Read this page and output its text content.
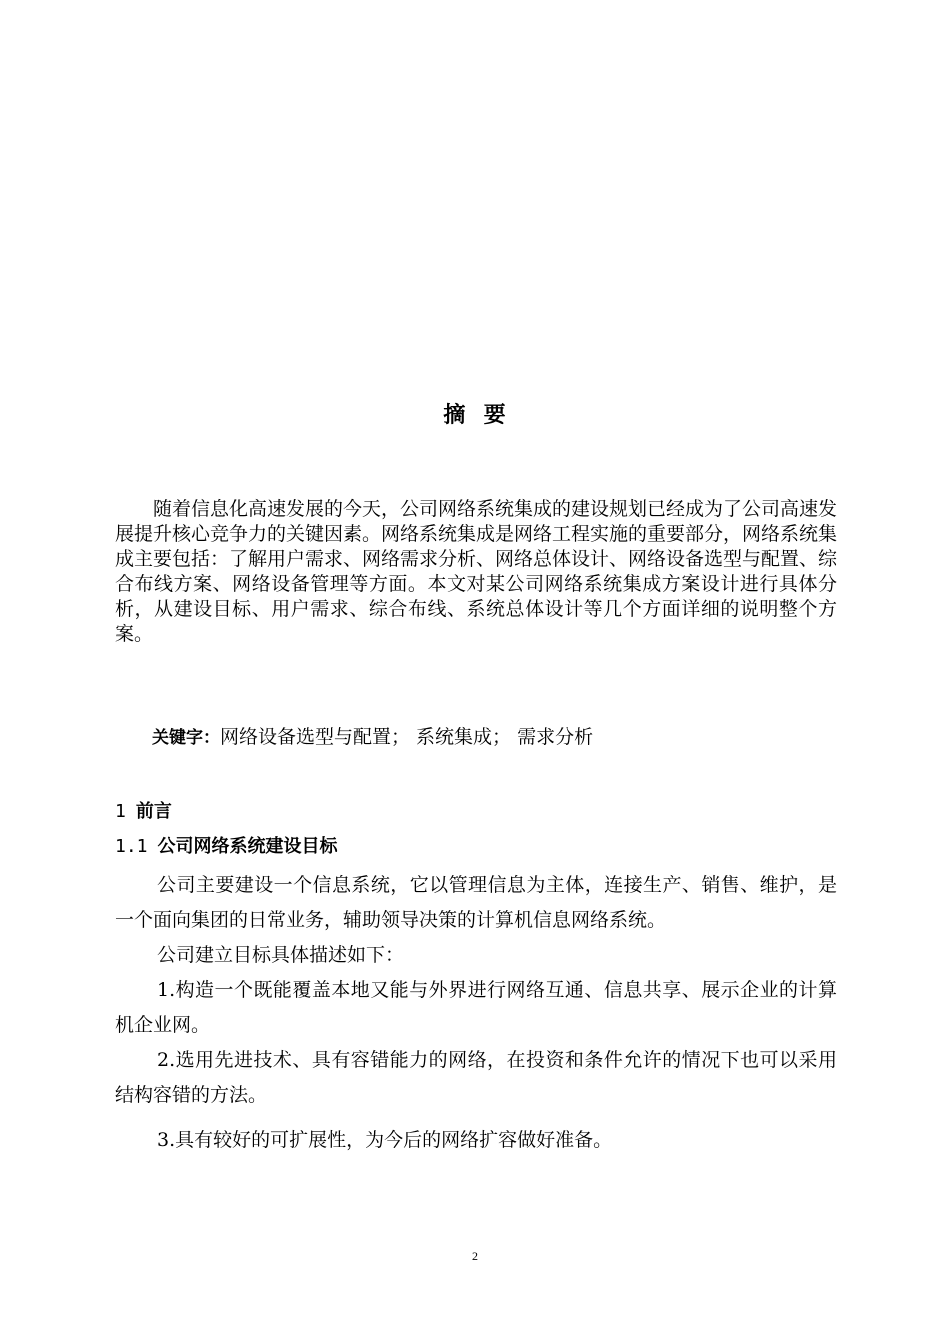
摘  要

随着信息化高速发展的今天，公司网络系统集成的建设规划已经成为了公司高速发展提升核心竞争力的关键因素。网络系统集成是网络工程实施的重要部分，网络系统集成主要包括：了解用户需求、网络需求分析、网络总体设计、网络设备选型与配置、综合布线方案、网络设备管理等方面。本文对某公司网络系统集成方案设计进行具体分析，从建设目标、用户需求、综合布线、系统总体设计等几个方面详细的说明整个方案。

关键字：网络设备选型与配置； 系统集成； 需求分析
1 前言
1.1 公司网络系统建设目标

公司主要建设一个信息系统，它以管理信息为主体，连接生产、销售、维护，是一个面向集团的日常业务，辅助领导决策的计算机信息网络系统。

公司建立目标具体描述如下：

1.构造一个既能覆盖本地又能与外界进行网络互通、信息共享、展示企业的计算机企业网。

2.选用先进技术、具有容错能力的网络，在投资和条件允许的情况下也可以采用结构容错的方法。

3.具有较好的可扩展性，为今后的网络扩容做好准备。

2
